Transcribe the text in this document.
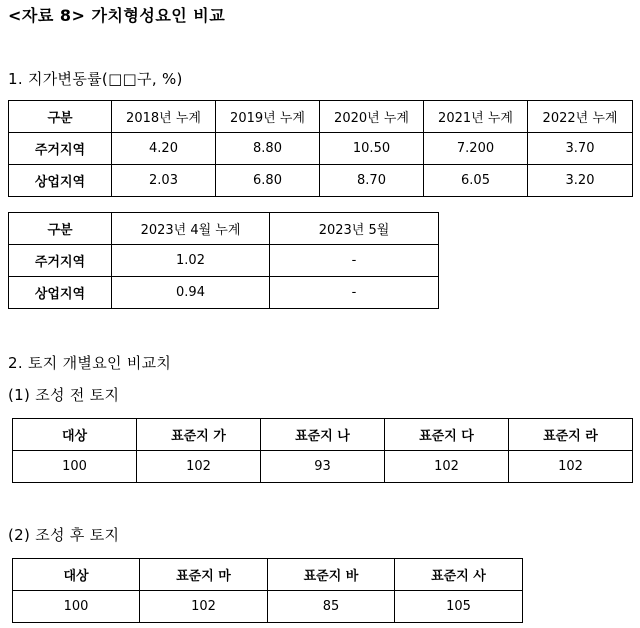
<자료 8> 가치형성요인 비교
1. 지가변동률(□□구, %)
구분	2018년 누계	2019년 누계	2020년 누계	2021년 누계	2022년 누계
주거지역	4.20	8.80	10.50	7.200	3.70
상업지역	2.03	6.80	8.70	6.05	3.20
구분	2023년 4월 누계	2023년 5월
주거지역	1.02	-
상업지역	0.94	-
2. 토지 개별요인 비교치
(1) 조성 전 토지
대상	표준지 가	표준지 나	표준지 다	표준지 라
100	102	93	102	102
(2) 조성 후 토지
대상	표준지 마	표준지 바	표준지 사
100	102	85	105
